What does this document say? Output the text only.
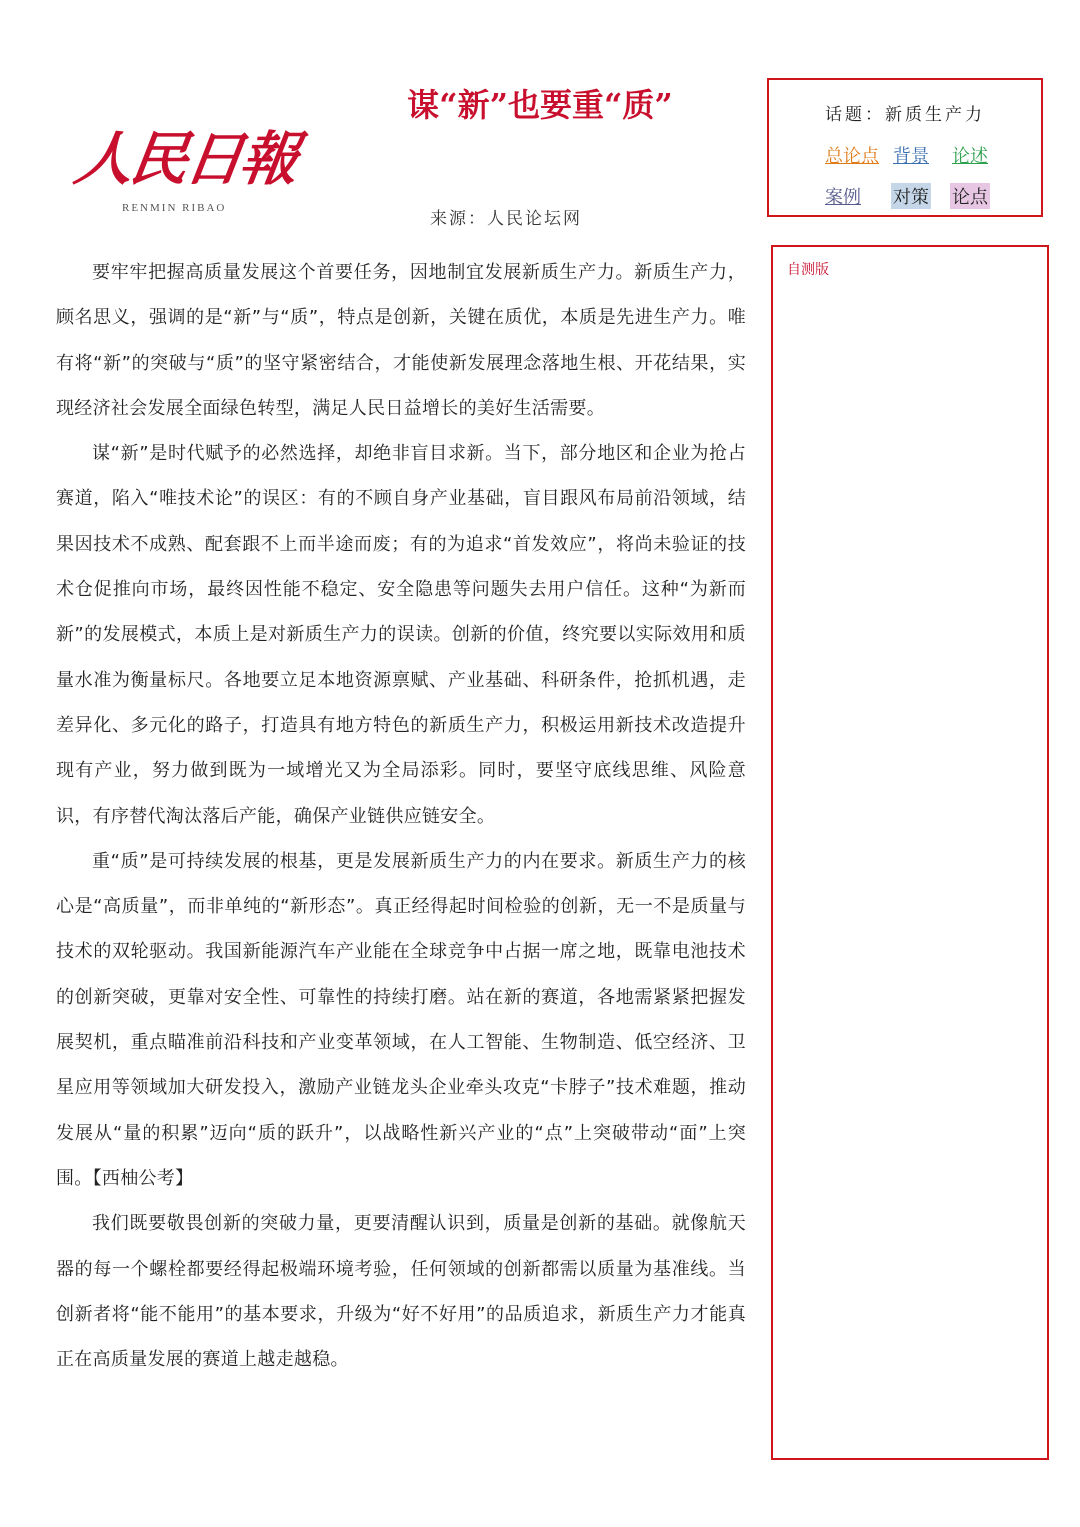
人民日報
RENMIN RIBAO
谋“新”也要重“质”
来源：人民论坛网
话题：新质生产力
总论点 背景 论述
案例 对策 论点
自测版

要牢牢把握高质量发展这个首要任务，因地制宜发展新质生产力。新质生产力，顾名思义，强调的是“新”与“质”，特点是创新，关键在质优，本质是先进生产力。唯有将“新”的突破与“质”的坚守紧密结合，才能使新发展理念落地生根、开花结果，实现经济社会发展全面绿色转型，满足人民日益增长的美好生活需要。

谋“新”是时代赋予的必然选择，却绝非盲目求新。当下，部分地区和企业为抢占赛道，陷入“唯技术论”的误区：有的不顾自身产业基础，盲目跟风布局前沿领域，结果因技术不成熟、配套跟不上而半途而废；有的为追求“首发效应”，将尚未验证的技术仓促推向市场，最终因性能不稳定、安全隐患等问题失去用户信任。这种“为新而新”的发展模式，本质上是对新质生产力的误读。创新的价值，终究要以实际效用和质量水准为衡量标尺。各地要立足本地资源禀赋、产业基础、科研条件，抢抓机遇，走差异化、多元化的路子，打造具有地方特色的新质生产力，积极运用新技术改造提升现有产业，努力做到既为一域增光又为全局添彩。同时，要坚守底线思维、风险意识，有序替代淘汰落后产能，确保产业链供应链安全。

重“质”是可持续发展的根基，更是发展新质生产力的内在要求。新质生产力的核心是“高质量”，而非单纯的“新形态”。真正经得起时间检验的创新，无一不是质量与技术的双轮驱动。我国新能源汽车产业能在全球竞争中占据一席之地，既靠电池技术的创新突破，更靠对安全性、可靠性的持续打磨。站在新的赛道，各地需紧紧把握发展契机，重点瞄准前沿科技和产业变革领域，在人工智能、生物制造、低空经济、卫星应用等领域加大研发投入，激励产业链龙头企业牵头攻克“卡脖子”技术难题，推动发展从“量的积累”迈向“质的跃升”，以战略性新兴产业的“点”上突破带动“面”上突围。【西柚公考】

我们既要敬畏创新的突破力量，更要清醒认识到，质量是创新的基础。就像航天器的每一个螺栓都要经得起极端环境考验，任何领域的创新都需以质量为基准线。当创新者将“能不能用”的基本要求，升级为“好不好用”的品质追求，新质生产力才能真正在高质量发展的赛道上越走越稳。
